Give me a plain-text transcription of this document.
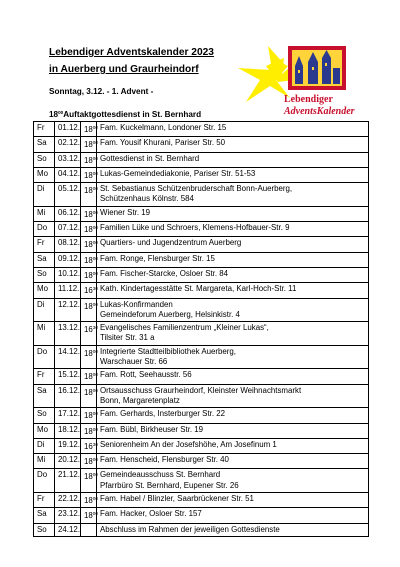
Lebendiger Adventskalender 2023
in Auerberg und Graurheindorf
Sonntag, 3.12. - 1. Advent -
$18^{00}Auftaktgottesdienst$ in St. Bernhard
Lebendiger
AdventsKalender
Fr	01.12.	$18^{00}$	Fam. Kuckelmann, Londoner Str. 15

Sa	02.12.	$18^{00}$	Fam. Yousif Khurani, Pariser Str. 50

So	03.12.	$18^{00}$	Gottesdienst in St. Bernhard

Mo	04.12.	$18^{00}$	Lukas-Gemeindediakonie, Pariser Str. 51-53

Di	05.12.	$18^{00}$	St. Sebastianus Schützenbruderschaft Bonn-Auerberg,
Schützenhaus Kölnstr. 584

Mi	06.12.	$18^{00}$	Wiener Str. 19

Do	07.12.	$18^{00}$	Familien Lüke und Schroers, Klemens-Hofbauer-Str. 9

Fr	08.12.	$18^{00}$	Quartiers- und Jugendzentrum Auerberg

Sa	09.12.	$18^{00}$	Fam. Ronge, Flensburger Str. 15

So	10.12.	$18^{00}$	Fam. Fischer-Starcke, Osloer Str. 84

Mo	11.12.	$16^{30}$	Kath. Kindertagesstätte St. Margareta, Karl-Hoch-Str. 11

Di	12.12.	$18^{00}$	Lukas-Konfirmanden
Gemeindeforum Auerberg, Helsinkistr. 4

Mi	13.12.	$16^{30}$	Evangelisches Familienzentrum „Kleiner Lukas“,
Tilsiter Str. 31 a

Do	14.12.	$18^{00}$	Integrierte Stadtteilbibliothek Auerberg,
Warschauer Str. 66

Fr	15.12.	$18^{00}$	Fam. Rott, Seehausstr. 56

Sa	16.12.	$18^{00}$	Ortsausschuss Graurheindorf, Kleinster Weihnachtsmarkt
Bonn, Margaretenplatz

So	17.12.	$18^{00}$	Fam. Gerhards, Insterburger Str. 22

Mo	18.12.	$18^{00}$	Fam. Bübl, Birkheuser Str. 19

Di	19.12.	$16^{30}$	Seniorenheim An der Josefshöhe, Am Josefinum 1

Mi	20.12.	$18^{00}$	Fam. Henscheid, Flensburger Str. 40

Do	21.12.	$18^{00}$	Gemeindeausschuss St. Bernhard
Pfarrbüro St. Bernhard, Eupener Str. 26

Fr	22.12.	$18^{00}$	Fam. Habel / Blinzler, Saarbrückener Str. 51

Sa	23.12.	$18^{00}$	Fam. Hacker, Osloer Str. 157

So	24.12.		Abschluss im Rahmen der jeweiligen Gottesdienste
